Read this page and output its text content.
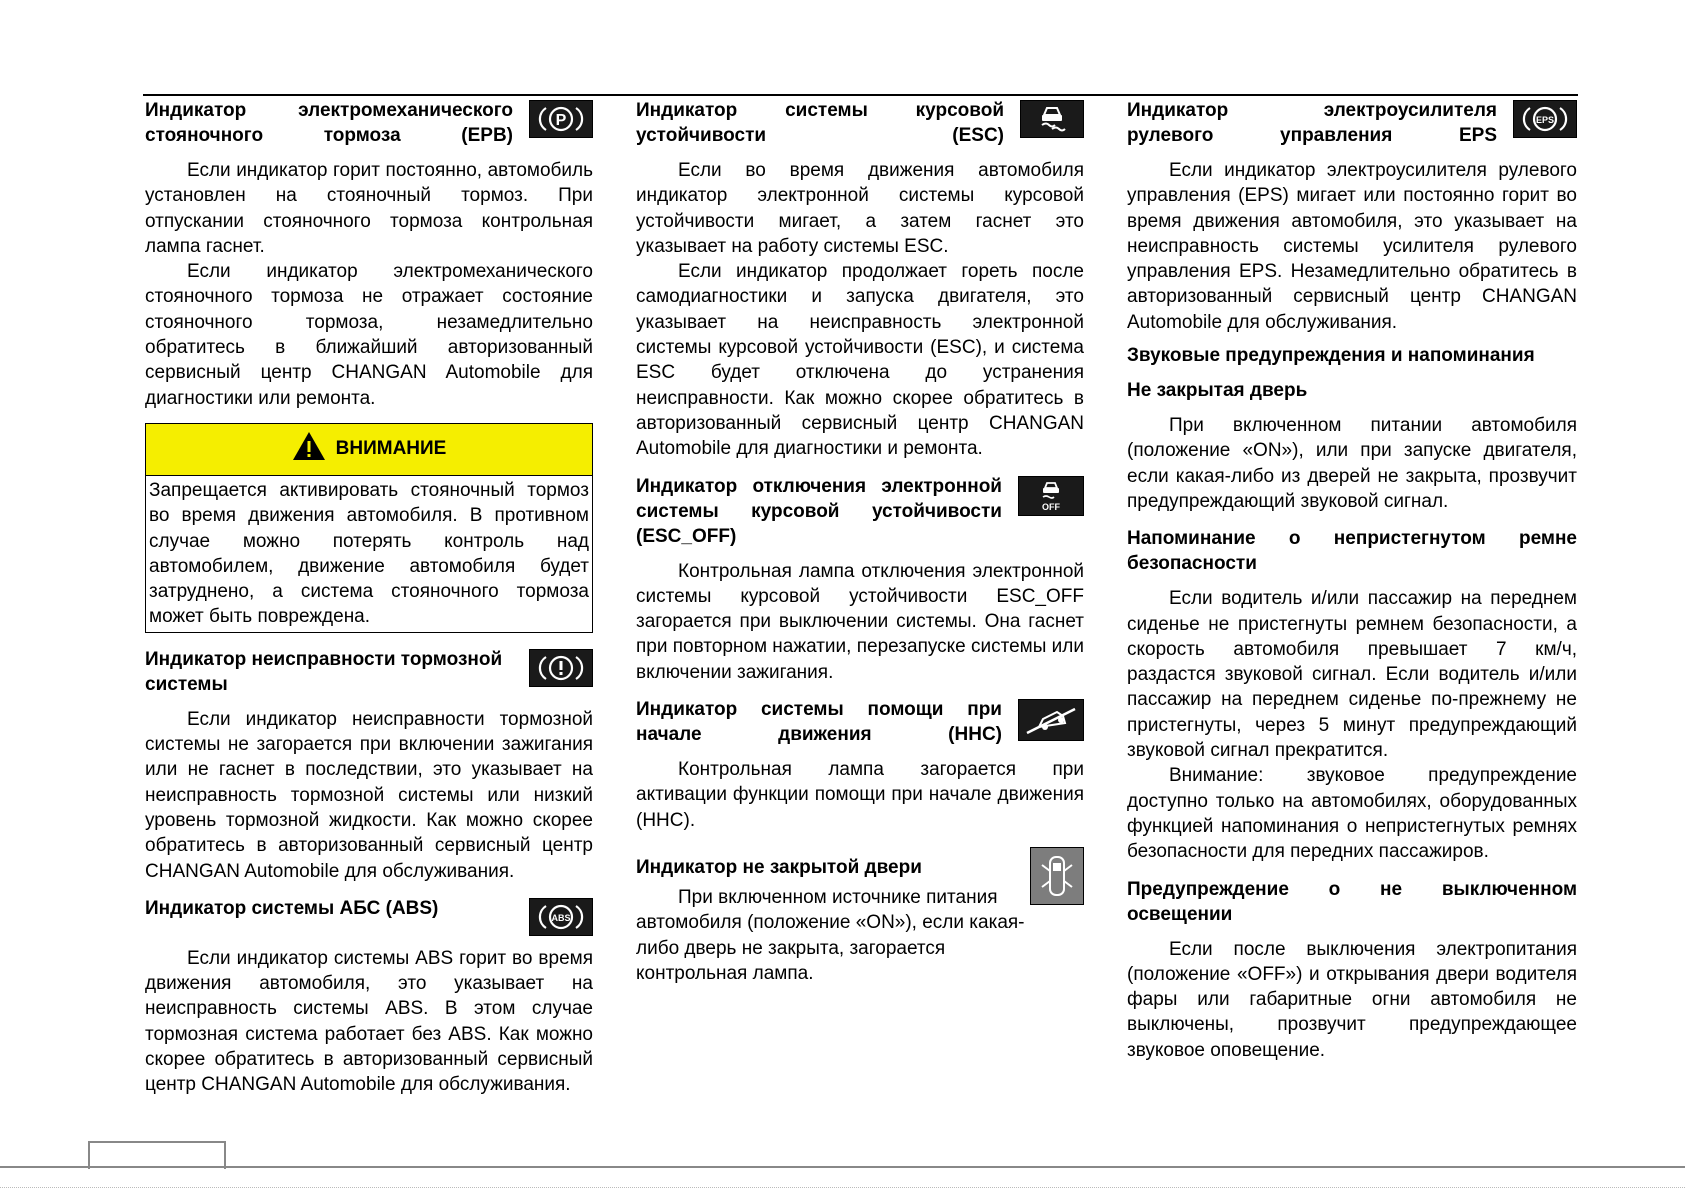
Индикатор электромеханического стояночного тормоза (EPB)
P

Если индикатор горит постоянно, автомобиль установлен на стояночный тормоз. При отпускании стояночного тормоза контрольная лампа гаснет.

Если индикатор электромеханического стояночного тормоза не отражает состояние стояночного тормоза, незамедлительно обратитесь в ближайший авторизованный сервисный центр CHANGAN Automobile для диагностики или ремонта.

ВНИМАНИЕ
Запрещается активировать стояночный тормоз во время движения автомобиля. В противном случае можно потерять контроль над автомобилем, движение автомобиля будет затруднено, а система стояночного тормоза может быть повреждена.
Индикатор неисправности тормозной системы

Если индикатор неисправности тормозной системы не загорается при включении зажигания или не гаснет в последствии, это указывает на неисправность тормозной системы или низкий уровень тормозной жидкости. Как можно скорее обратитесь в авторизованный сервисный центр CHANGAN Automobile для обслуживания.

Индикатор системы АБС (ABS)	ABS

Если индикатор системы ABS горит во время движения автомобиля, это указывает на неисправность системы ABS. В этом случае тормозная система работает без ABS. Как можно скорее обратитесь в авторизованный сервисный центр CHANGAN Automobile для обслуживания.

Индикатор системы курсовой устойчивости (ESC)

Если во время движения автомобиля индикатор электронной системы курсовой устойчивости мигает, а затем гаснет это указывает на работу системы ESC.

Если индикатор продолжает гореть после самодиагностики и запуска двигателя, это указывает на неисправность электронной системы курсовой устойчивости (ESC), и система ESC будет отключена до устранения неисправности. Как можно скорее обратитесь в авторизованный сервисный центр CHANGAN Automobile для диагностики и ремонта.

Индикатор отключения электронной системы курсовой устойчивости (ESC_OFF)
OFF

Контрольная лампа отключения электронной системы курсовой устойчивости ESC_OFF загорается при выключении системы. Она гаснет при повторном нажатии, перезапуске системы или включении зажигания.

Индикатор системы помощи при начале движения (HHC)

Контрольная лампа загорается при активации функции помощи при начале движения (HHC).

Индикатор не закрытой двери

При включенном источнике питания автомобиля (положение «ON»), если какая-либо дверь не закрыта, загорается контрольная лампа.

Индикатор электроусилителя рулевого управления EPS
EPS

Если индикатор электроусилителя рулевого управления (EPS) мигает или постоянно горит во время движения автомобиля, это указывает на неисправность системы усилителя рулевого управления EPS. Незамедлительно обратитесь в авторизованный сервисный центр CHANGAN Automobile для обслуживания.

Звуковые предупреждения и напоминания
Не закрытая дверь

При включенном питании автомобиля (положение «ON»), или при запуске двигателя, если какая-либо из дверей не закрыта, прозвучит предупреждающий звуковой сигнал.

Напоминание о непристегнутом ремне безопасности

Если водитель и/или пассажир на переднем сиденье не пристегнуты ремнем безопасности, а скорость автомобиля превышает 7 км/ч, раздастся звуковой сигнал. Если водитель и/или пассажир на переднем сиденье по-прежнему не пристегнуты, через 5 минут предупреждающий звуковой сигнал прекратится.

Внимание: звуковое предупреждение доступно только на автомобилях, оборудованных функцией напоминания о непристегнутых ремнях безопасности для передних пассажиров.

Предупреждение о не выключенном освещении

Если после выключения электропитания (положение «OFF») и открывания двери водителя фары или габаритные огни автомобиля не выключены, прозвучит предупреждающее звуковое оповещение.
